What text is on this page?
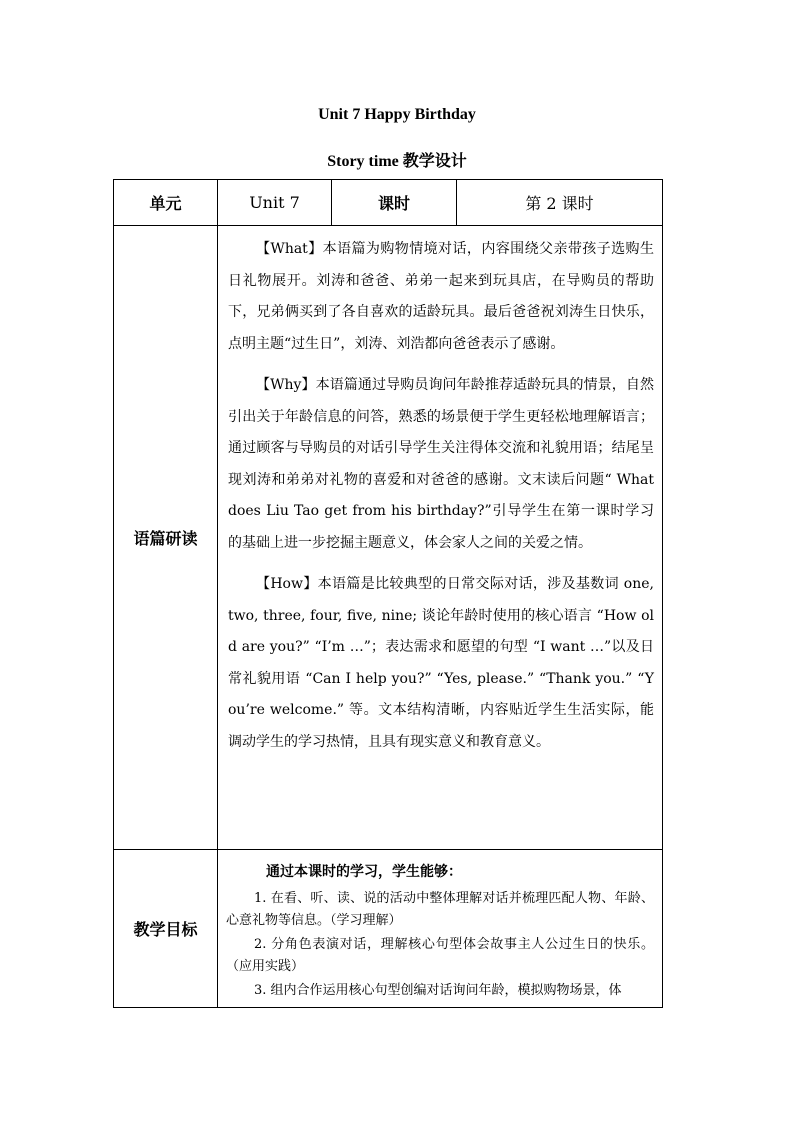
Unit 7 Happy Birthday
Story time 教学设计
单元	Unit 7	课时	第 2 课时
语篇研读	【What】本语篇为购物情境对话，内容围绕父亲带孩子选购生日礼物展开。刘涛和爸爸、弟弟一起来到玩具店，在导购员的帮助下，兄弟俩买到了各自喜欢的适龄玩具。最后爸爸祝刘涛生日快乐，点明主题“过生日”，刘涛、刘浩都向爸爸表示了感谢。

【Why】本语篇通过导购员询问年龄推荐适龄玩具的情景，自然引出关于年龄信息的问答，熟悉的场景便于学生更轻松地理解语言；通过顾客与导购员的对话引导学生关注得体交流和礼貌用语；结尾呈现刘涛和弟弟对礼物的喜爱和对爸爸的感谢。文末读后问题“ What does Liu Tao get from his birthday?”引导学生在第一课时学习的基础上进一步挖掘主题意义，体会家人之间的关爱之情。

【How】本语篇是比较典型的日常交际对话，涉及基数词 one, two, three, four, five, nine; 谈论年龄时使用的核心语言 “How old are you?” “I’m …”；表达需求和愿望的句型 “I want …”以及日常礼貌用语 “Can I help you?” “Yes, please.” “Thank you.” “You’re welcome.” 等。文本结构清晰，内容贴近学生生活实际，能调动学生的学习热情，且具有现实意义和教育意义。		

教学目标	通过本课时的学习，学生能够：

1. 在看、听、读、说的活动中整体理解对话并梳理匹配人物、年龄、心意礼物等信息。（学习理解）

2. 分角色表演对话，理解核心句型体会故事主人公过生日的快乐。（应用实践）

3. 组内合作运用核心句型创编对话询问年龄，模拟购物场景，体		
